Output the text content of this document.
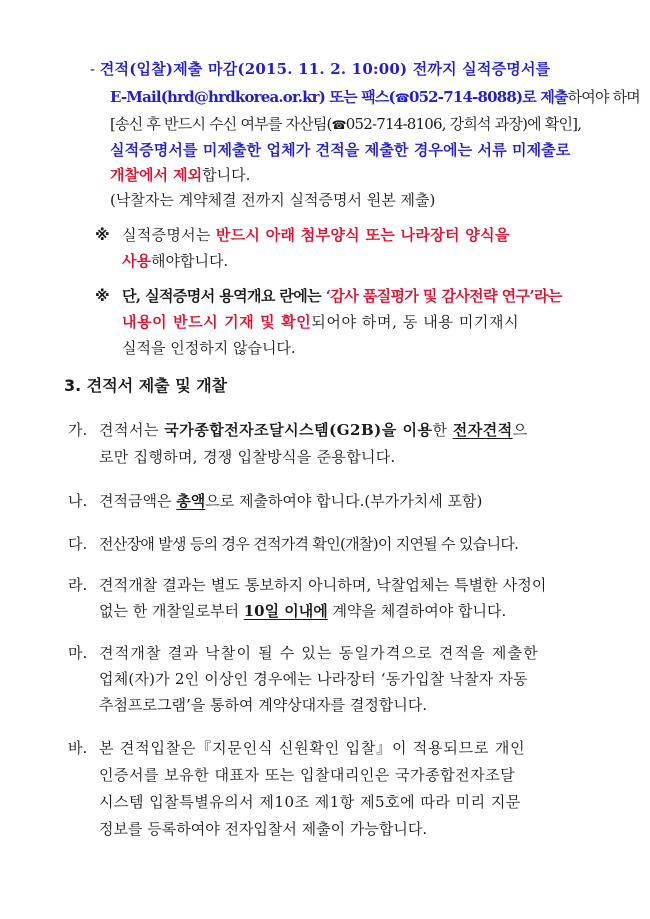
- 견적(입찰)제출 마감(2015. 11. 2. 10:00) 전까지 실적증명서를
E-Mail(hrd@hrdkorea.or.kr) 또는 팩스(☎052-714-8088)로 제출하여야 하며
[송신 후 반드시 수신 여부를 자산팀(☎052-714-8106, 강희석 과장)에 확인],
실적증명서를 미제출한 업체가 견적을 제출한 경우에는 서류 미제출로
개찰에서 제외합니다.
(낙찰자는 계약체결 전까지 실적증명서 원본 제출)
※ 실적증명서는 반드시 아래 첨부양식 또는 나라장터 양식을
사용해야합니다.
※ 단, 실적증명서 용역개요 란에는 ‘감사 품질평가 및 감사전략 연구’라는
내용이 반드시 기재 및 확인되어야 하며, 동 내용 미기재시
실적을 인정하지 않습니다.
3. 견적서 제출 및 개찰
가. 견적서는 국가종합전자조달시스템(G2B)을 이용한 전자견적으
로만 집행하며, 경쟁 입찰방식을 준용합니다.
나. 견적금액은 총액으로 제출하여야 합니다.(부가가치세 포함)
다. 전산장애 발생 등의 경우 견적가격 확인(개찰)이 지연될 수 있습니다.
라. 견적개찰 결과는 별도 통보하지 아니하며, 낙찰업체는 특별한 사정이
없는 한 개찰일로부터 10일 이내에 계약을 체결하여야 합니다.
마. 견적개찰 결과 낙찰이 될 수 있는 동일가격으로 견적을 제출한
업체(자)가 2인 이상인 경우에는 나라장터 ‘동가입찰 낙찰자 자동
추첨프로그램’을 통하여 계약상대자를 결정합니다.
바. 본 견적입찰은『지문인식 신원확인 입찰』이 적용되므로 개인
인증서를 보유한 대표자 또는 입찰대리인은 국가종합전자조달
시스템 입찰특별유의서 제10조 제1항 제5호에 따라 미리 지문
정보를 등록하여야 전자입찰서 제출이 가능합니다.
